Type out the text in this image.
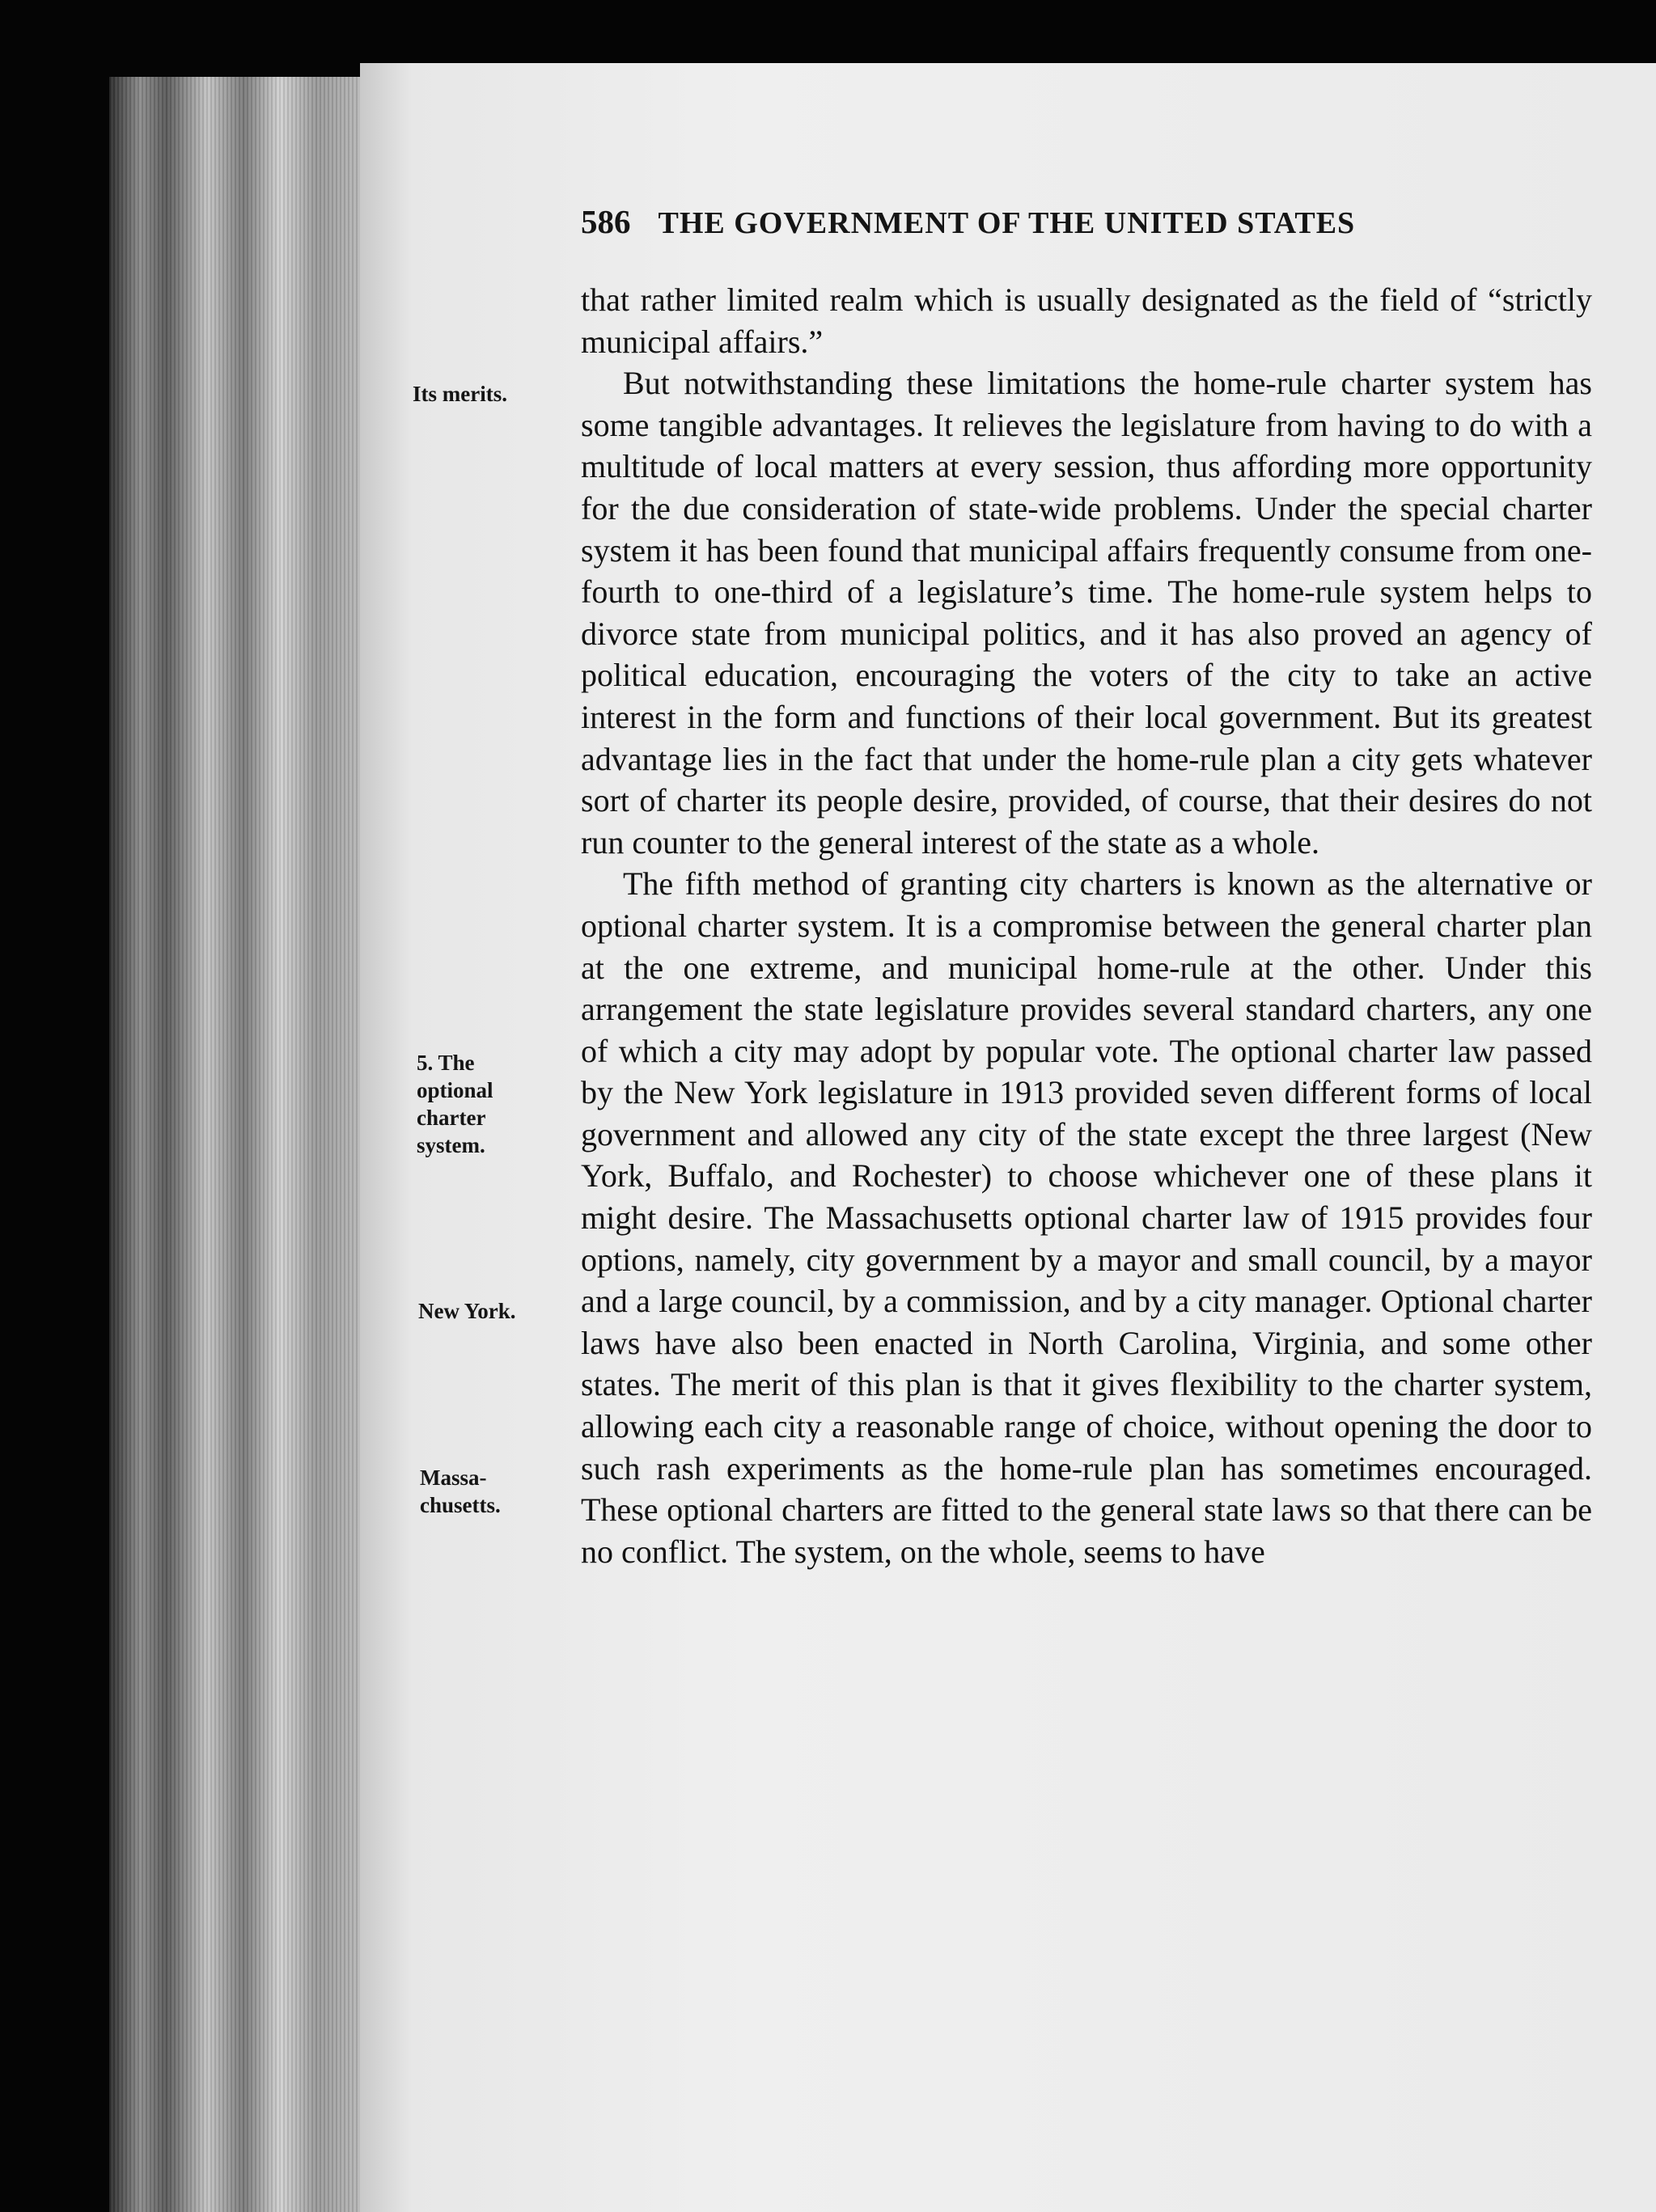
586 THE GOVERNMENT OF THE UNITED STATES
Its merits.
5. The
optional
charter
system.
New York.
Massa-
chusetts.

that rather limited realm which is usually designated as the field of “strictly municipal affairs.”

But notwithstanding these limitations the home-rule charter system has some tangible advantages. It relieves the legislature from having to do with a multitude of local matters at every session, thus affording more opportunity for the due consideration of state-wide problems. Under the special charter system it has been found that municipal affairs frequently consume from one-fourth to one-third of a legislature’s time. The home-rule system helps to divorce state from municipal politics, and it has also proved an agency of political education, encouraging the voters of the city to take an active interest in the form and functions of their local government. But its greatest advantage lies in the fact that under the home-rule plan a city gets whatever sort of charter its people desire, provided, of course, that their desires do not run counter to the general interest of the state as a whole.

The fifth method of granting city charters is known as the alternative or optional charter system. It is a compromise between the general charter plan at the one extreme, and municipal home-rule at the other. Under this arrangement the state legislature provides several standard charters, any one of which a city may adopt by popular vote. The optional charter law passed by the New York legislature in 1913 provided seven different forms of local government and allowed any city of the state except the three largest (New York, Buffalo, and Rochester) to choose whichever one of these plans it might desire. The Massachusetts optional charter law of 1915 provides four options, namely, city government by a mayor and small council, by a mayor and a large council, by a commission, and by a city manager. Optional charter laws have also been enacted in North Carolina, Virginia, and some other states. The merit of this plan is that it gives flexibility to the charter system, allowing each city a reasonable range of choice, without opening the door to such rash experiments as the home-rule plan has sometimes encouraged. These optional charters are fitted to the general state laws so that there can be no conflict. The system, on the whole, seems to have
